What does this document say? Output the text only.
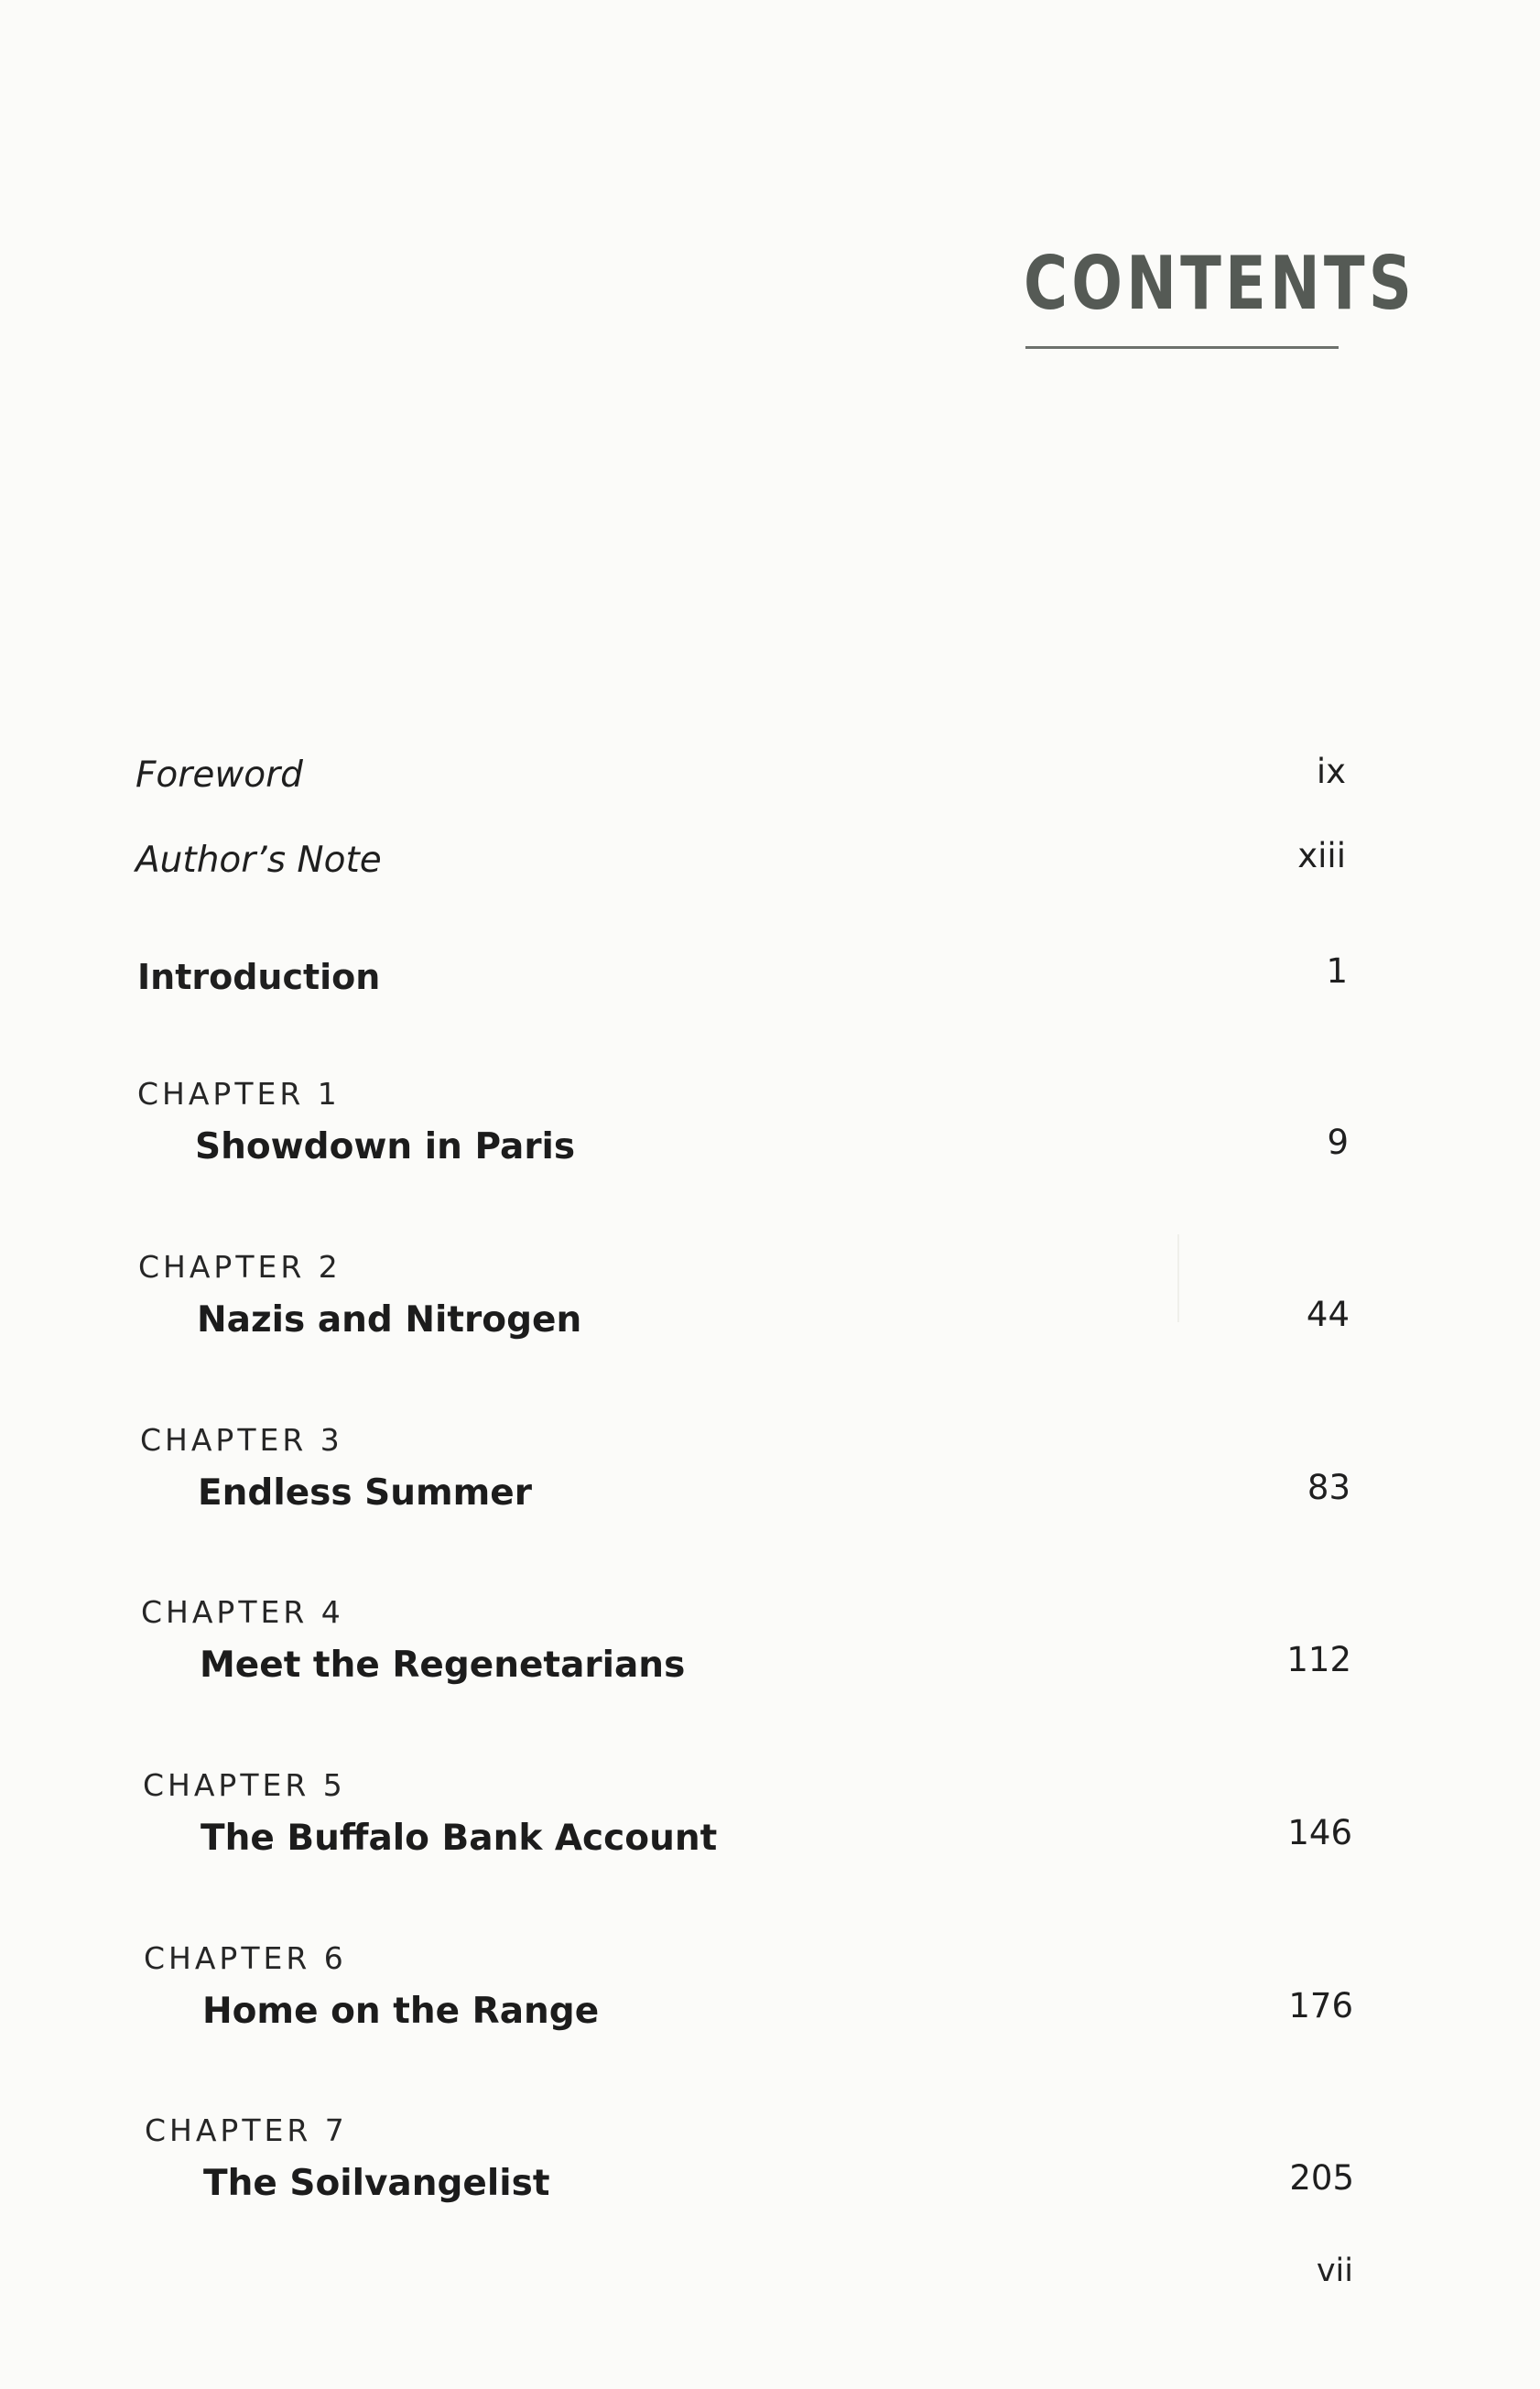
CONTENTS
Foreword	ix
Author’s Note	xiii
Introduction	1
CHAPTER 1
Showdown in Paris	9
CHAPTER 2
Nazis and Nitrogen	44
CHAPTER 3
Endless Summer	83
CHAPTER 4
Meet the Regenetarians	112
CHAPTER 5
The Buffalo Bank Account	146
CHAPTER 6
Home on the Range	176
CHAPTER 7
The Soilvangelist	205
vii
